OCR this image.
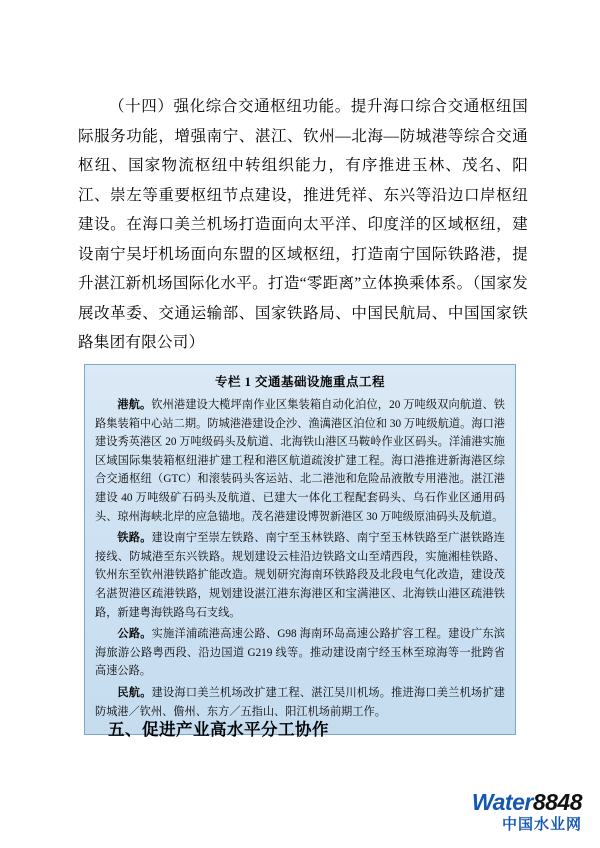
（十四）强化综合交通枢纽功能。提升海口综合交通枢纽国际服务功能，增强南宁、湛江、钦州—北海—防城港等综合交通枢纽、国家物流枢纽中转组织能力，有序推进玉林、茂名、阳江、崇左等重要枢纽节点建设，推进凭祥、东兴等沿边口岸枢纽建设。在海口美兰机场打造面向太平洋、印度洋的区域枢纽，建设南宁吴圩机场面向东盟的区域枢纽，打造南宁国际铁路港，提升湛江新机场国际化水平。打造“零距离”立体换乘体系。（国家发展改革委、交通运输部、国家铁路局、中国民航局、中国国家铁路集团有限公司）

专栏 1 交通基础设施重点工程

港航。钦州港建设大榄坪南作业区集装箱自动化泊位，20 万吨级双向航道、铁路集装箱中心站二期。防城港港建设企沙、渔澫港区泊位和 30 万吨级航道。海口港建设秀英港区 20 万吨级码头及航道、北海铁山港区马鞍岭作业区码头。洋浦港实施区域国际集装箱枢纽港扩建工程和港区航道疏浚扩建工程。海口港推进新海港区综合交通枢纽（GTC）和滚装码头客运站、北二港池和危险品液散专用港池。湛江港建设 40 万吨级矿石码头及航道、已建大一体化工程配套码头、乌石作业区通用码头、琼州海峡北岸的应急锚地。茂名港建设博贺新港区 30 万吨级原油码头及航道。

铁路。建设南宁至崇左铁路、南宁至玉林铁路、南宁至玉林铁路至广湛铁路连接线、防城港至东兴铁路。规划建设云桂沿边铁路文山至靖西段，实施湘桂铁路、钦州东至钦州港铁路扩能改造。规划研究海南环铁路段及北段电气化改造，建设茂名湛贺港区疏港铁路，规划建设湛江港东海港区和宝满港区、北海铁山港区疏港铁路，新建粤海铁路鸟石支线。

公路。实施洋浦疏港高速公路、G98 海南环岛高速公路扩容工程。建设广东滨海旅游公路粤西段、沿边国道 G219 线等。推动建设南宁经玉林至琼海等一批跨省高速公路。

民航。建设海口美兰机场改扩建工程、湛江吴川机场。推进海口美兰机场扩建防城港／钦州、儋州、东方／五指山、阳江机场前期工作。

五、促进产业高水平分工协作
Water8848
中国水业网
